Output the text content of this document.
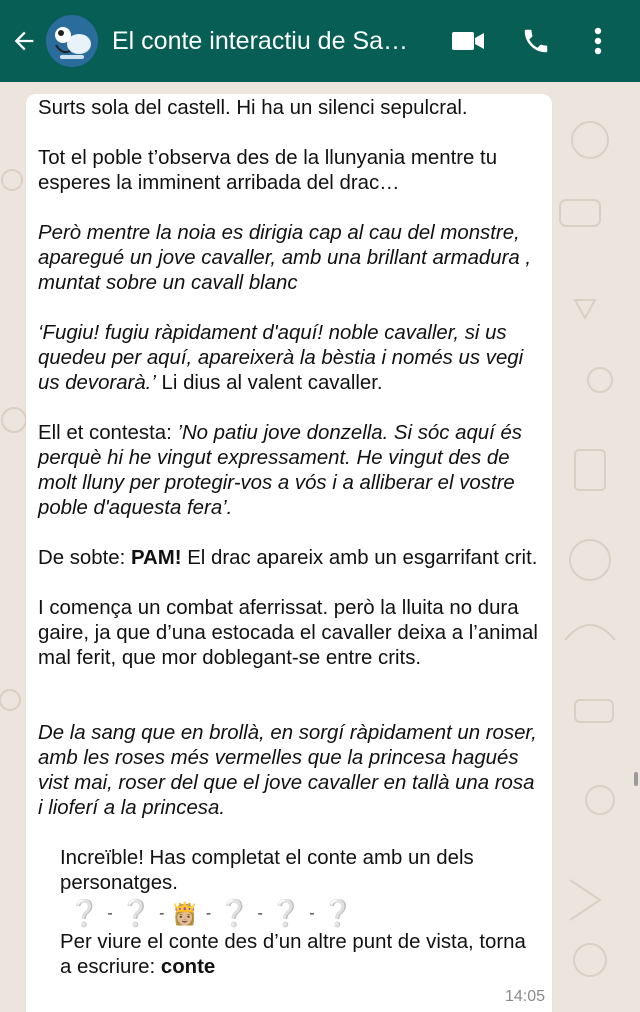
El conte interactiu de Sa…

Surts sola del castell. Hi ha un silenci sepulcral.

Tot el poble t’observa des de la llunyania mentre tu esperes la imminent arribada del drac…

Però mentre la noia es dirigia cap al cau del monstre, aparegué un jove cavaller, amb una brillant armadura , muntat sobre un cavall blanc

‘Fugiu! fugiu ràpidament d'aquí! noble cavaller, si us quedeu per aquí, apareixerà la bèstia i només us vegi us devorarà.’ Li dius al valent cavaller.

Ell et contesta: ’No patiu jove donzella. Si sóc aquí és perquè hi he vingut expressament. He vingut des de molt lluny per protegir-vos a vós i a alliberar el vostre poble d'aquesta fera’.

De sobte: PAM! El drac apareix amb un esgarrifant crit.

I comença un combat aferrissat. però la lluita no dura gaire, ja que d’una estocada el cavaller deixa a l’animal mal ferit, que mor doblegant-se entre crits.

De la sang que en brollà, en sorgí ràpidament un roser, amb les roses més vermelles que la princesa hagués vist mai, roser del que el jove cavaller en tallà una rosa i lioferí a la princesa.

Increïble! Has completat el conte amb un dels personatges.

❔ - ❔ - 👸🏼 - ❔ - ❔ - ❔

Per viure el conte des d’un altre punt de vista, torna a escriure: conte

14:05
